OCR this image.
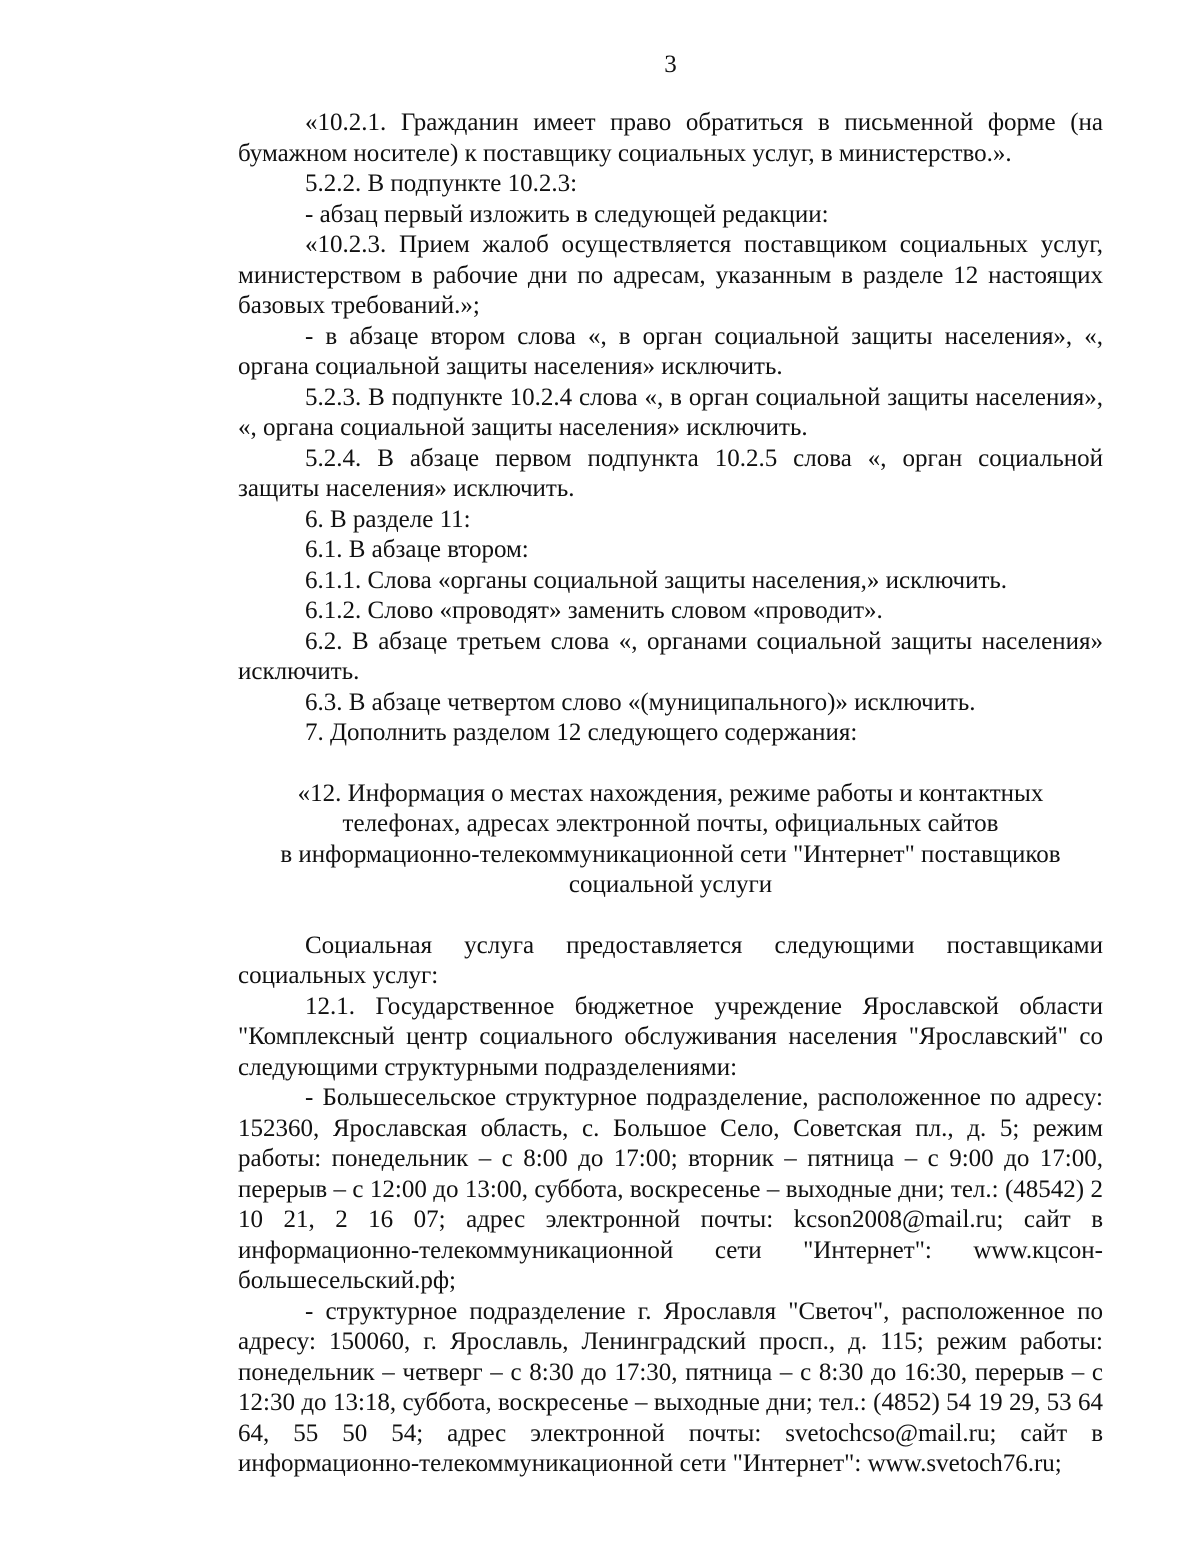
3

«10.2.1. Гражданин имеет право обратиться в письменной форме (на бумажном носителе) к поставщику социальных услуг, в министерство.».

5.2.2. В подпункте 10.2.3:

- абзац первый изложить в следующей редакции:

«10.2.3. Прием жалоб осуществляется поставщиком социальных услуг, министерством в рабочие дни по адресам, указанным в разделе 12 настоящих базовых требований.»;

- в абзаце втором слова «, в орган социальной защиты населения», «, органа социальной защиты населения» исключить.

5.2.3. В подпункте 10.2.4 слова «, в орган социальной защиты населения», «, органа социальной защиты населения» исключить.

5.2.4. В абзаце первом подпункта 10.2.5 слова «, орган социальной защиты населения» исключить.

6. В разделе 11:

6.1. В абзаце втором:

6.1.1. Слова «органы социальной защиты населения,» исключить.

6.1.2. Слово «проводят» заменить словом «проводит».

6.2. В абзаце третьем слова «, органами социальной защиты населения» исключить.

6.3. В абзаце четвертом слово «(муниципального)» исключить.

7. Дополнить разделом 12 следующего содержания:

«12. Информация о местах нахождения, режиме работы и контактных
телефонах, адресах электронной почты, официальных сайтов
в информационно-телекоммуникационной сети "Интернет" поставщиков
социальной услуги

Социальная услуга предоставляется следующими поставщиками социальных услуг:

12.1. Государственное бюджетное учреждение Ярославской области "Комплексный центр социального обслуживания населения "Ярославский" со следующими структурными подразделениями:

- Большесельское структурное подразделение, расположенное по адресу: 152360, Ярославская область, с. Большое Село, Советская пл., д. 5; режим работы: понедельник – с 8:00 до 17:00; вторник – пятница – с 9:00 до 17:00, перерыв – с 12:00 до 13:00, суббота, воскресенье – выходные дни; тел.: (48542) 2 10 21, 2 16 07; адрес электронной почты: kcson2008@mail.ru; сайт в информационно-телекоммуникационной сети "Интернет": www.кцсон-большесельский.рф;

- структурное подразделение г. Ярославля "Светоч", расположенное по адресу: 150060, г. Ярославль, Ленинградский просп., д. 115; режим работы: понедельник – четверг – с 8:30 до 17:30, пятница – с 8:30 до 16:30, перерыв – с 12:30 до 13:18, суббота, воскресенье – выходные дни; тел.: (4852) 54 19 29, 53 64 64, 55 50 54; адрес электронной почты: svetochcso@mail.ru; сайт в информационно-телекоммуникационной сети "Интернет": www.svetoch76.ru;
